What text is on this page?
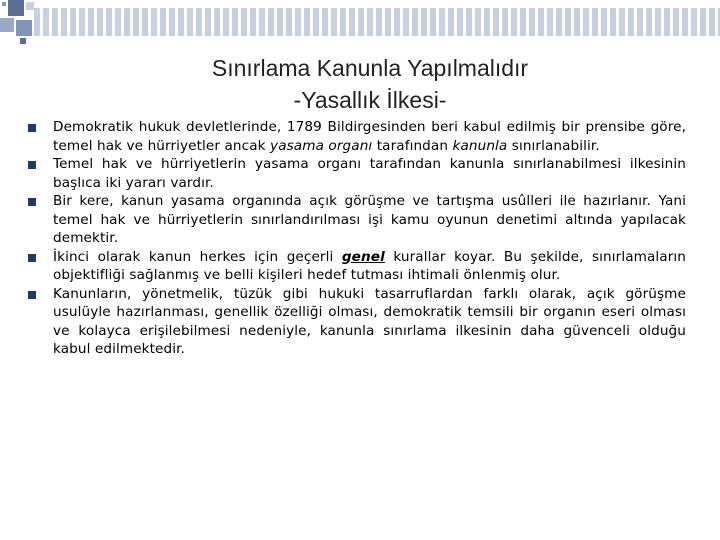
Sınırlama Kanunla Yapılmalıdır
-Yasallık İlkesi-
Demokratik hukuk devletlerinde, 1789 Bildirgesinden beri kabul edilmiş bir prensibe göre, temel hak ve hürriyetler ancak yasama organı tarafından kanunla sınırlanabilir.
Temel hak ve hürriyetlerin yasama organı tarafından kanunla sınırlanabilmesi ilkesinin başlıca iki yararı vardır.
Bir kere, kanun yasama organında açık görüşme ve tartışma usûlleri ile hazırlanır. Yani temel hak ve hürriyetlerin sınırlandırılması işi kamu oyunun denetimi altında yapılacak demektir.
İkinci olarak kanun herkes için geçerli genel kurallar koyar. Bu şekilde, sınırlamaların objektifliği sağlanmış ve belli kişileri hedef tutması ihtimali önlenmiş olur.
Kanunların, yönetmelik, tüzük gibi hukuki tasarruflardan farklı olarak, açık görüşme usulüyle hazırlanması, genellik özelliği olması, demokratik temsili bir organın eseri olması ve kolayca erişilebilmesi nedeniyle, kanunla sınırlama ilkesinin daha güvenceli olduğu kabul edilmektedir.
